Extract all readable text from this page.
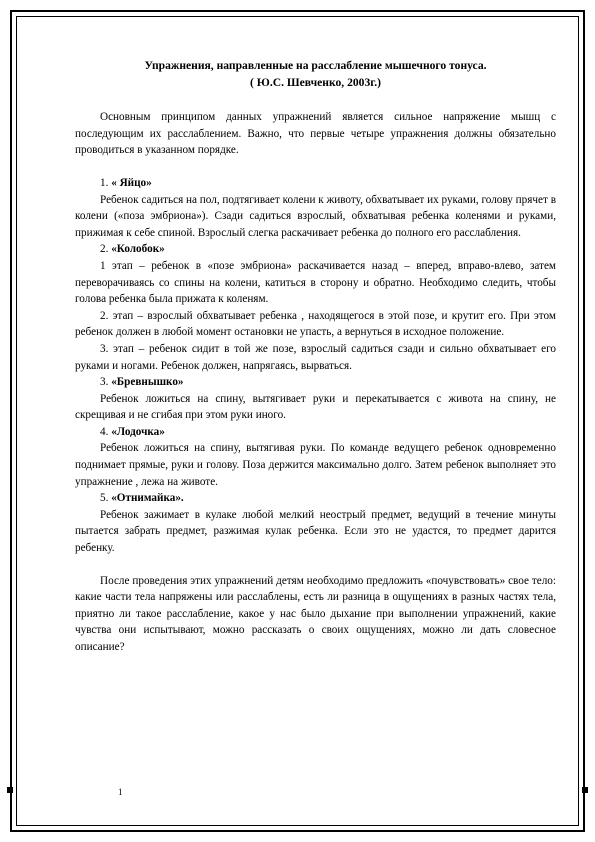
Упражнения, направленные на расслабление мышечного тонуса.
( Ю.С. Шевченко, 2003г.)

Основным принципом данных упражнений является сильное напряжение мышц с последующим их расслаблением. Важно, что первые четыре упражнения должны обязательно проводиться в указанном порядке.

1. « Яйцо»

Ребенок садиться на пол, подтягивает колени к животу, обхватывает их руками, голову прячет в колени («поза эмбриона»). Сзади садиться взрослый, обхватывая ребенка коленями и руками, прижимая к себе спиной. Взрослый слегка раскачивает ребенка до полного его расслабления.

2. «Колобок»

1 этап – ребенок в «позе эмбриона» раскачивается назад – вперед, вправо-влево, затем переворачиваясь со спины на колени, катиться в сторону и обратно. Необходимо следить, чтобы голова ребенка была прижата к коленям.

2. этап – взрослый обхватывает ребенка , находящегося в этой позе, и крутит его. При этом ребенок должен в любой момент остановки не упасть, а вернуться в исходное положение.

3. этап – ребенок сидит в той же позе, взрослый садиться сзади и сильно обхватывает его руками и ногами. Ребенок должен, напрягаясь, вырваться.

3. «Бревнышко»

Ребенок ложиться на спину, вытягивает руки и перекатывается с живота на спину, не скрещивая и не сгибая при этом руки иного.

4. «Лодочка»

Ребенок ложиться на спину, вытягивая руки. По команде ведущего ребенок одновременно поднимает прямые, руки и голову. Поза держится максимально долго. Затем ребенок выполняет это упражнение , лежа на животе.

5. «Отнимайка».

Ребенок зажимает в кулаке любой мелкий неострый предмет, ведущий в течение минуты пытается забрать предмет, разжимая кулак ребенка. Если это не удастся, то предмет дарится ребенку.

После проведения этих упражнений детям необходимо предложить «почувствовать» свое тело: какие части тела напряжены или расслаблены, есть ли разница в ощущениях в разных частях тела, приятно ли такое расслабление, какое у нас было дыхание при выполнении упражнений, какие чувства они испытывают, можно рассказать о своих ощущениях, можно ли дать словесное описание?

1
